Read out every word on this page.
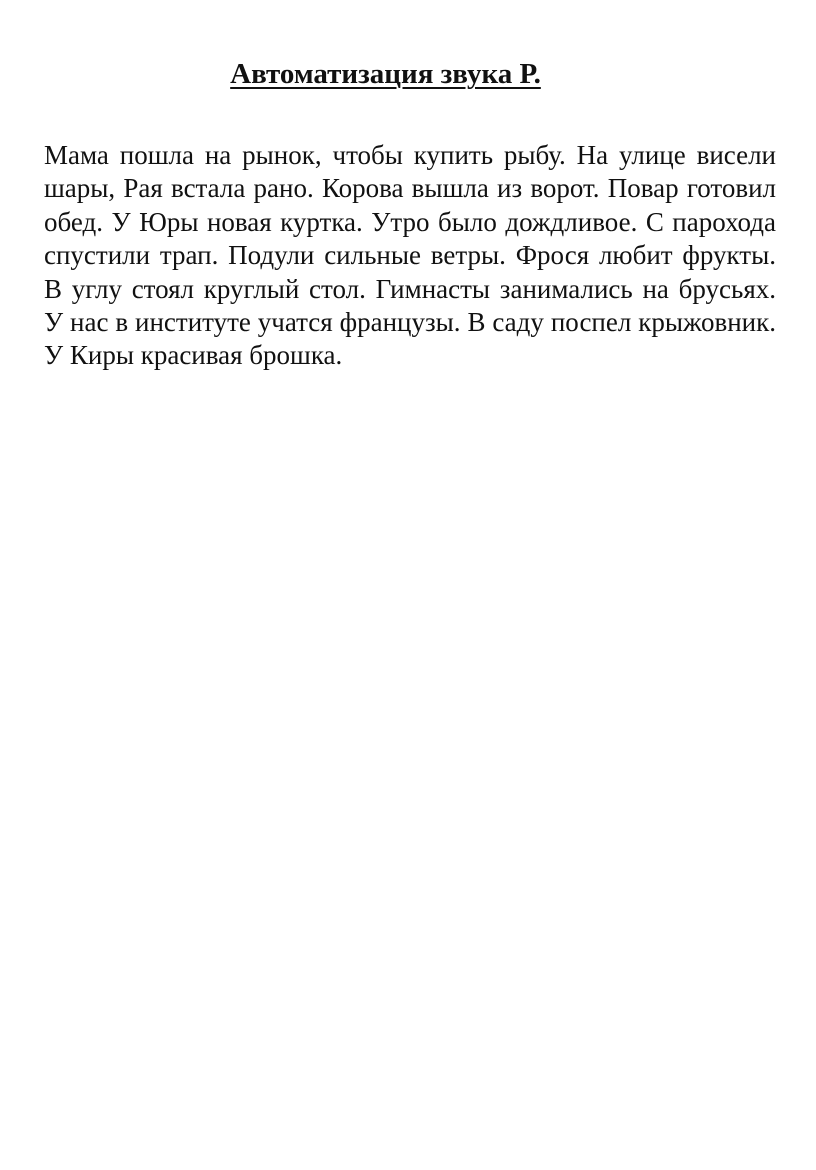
Автоматизация звука Р.

Мама пошла на рынок, чтобы купить рыбу. На улице висели шары, Рая встала рано. Корова вышла из ворот. Повар готовил обед. У Юры новая куртка. Утро было дождливое. С парохода спустили трап. Подули сильные ветры. Фрося любит фрукты. В углу стоял круглый стол. Гимнасты занимались на брусьях. У нас в институте учатся французы. В саду поспел крыжовник. У Киры красивая брошка.
